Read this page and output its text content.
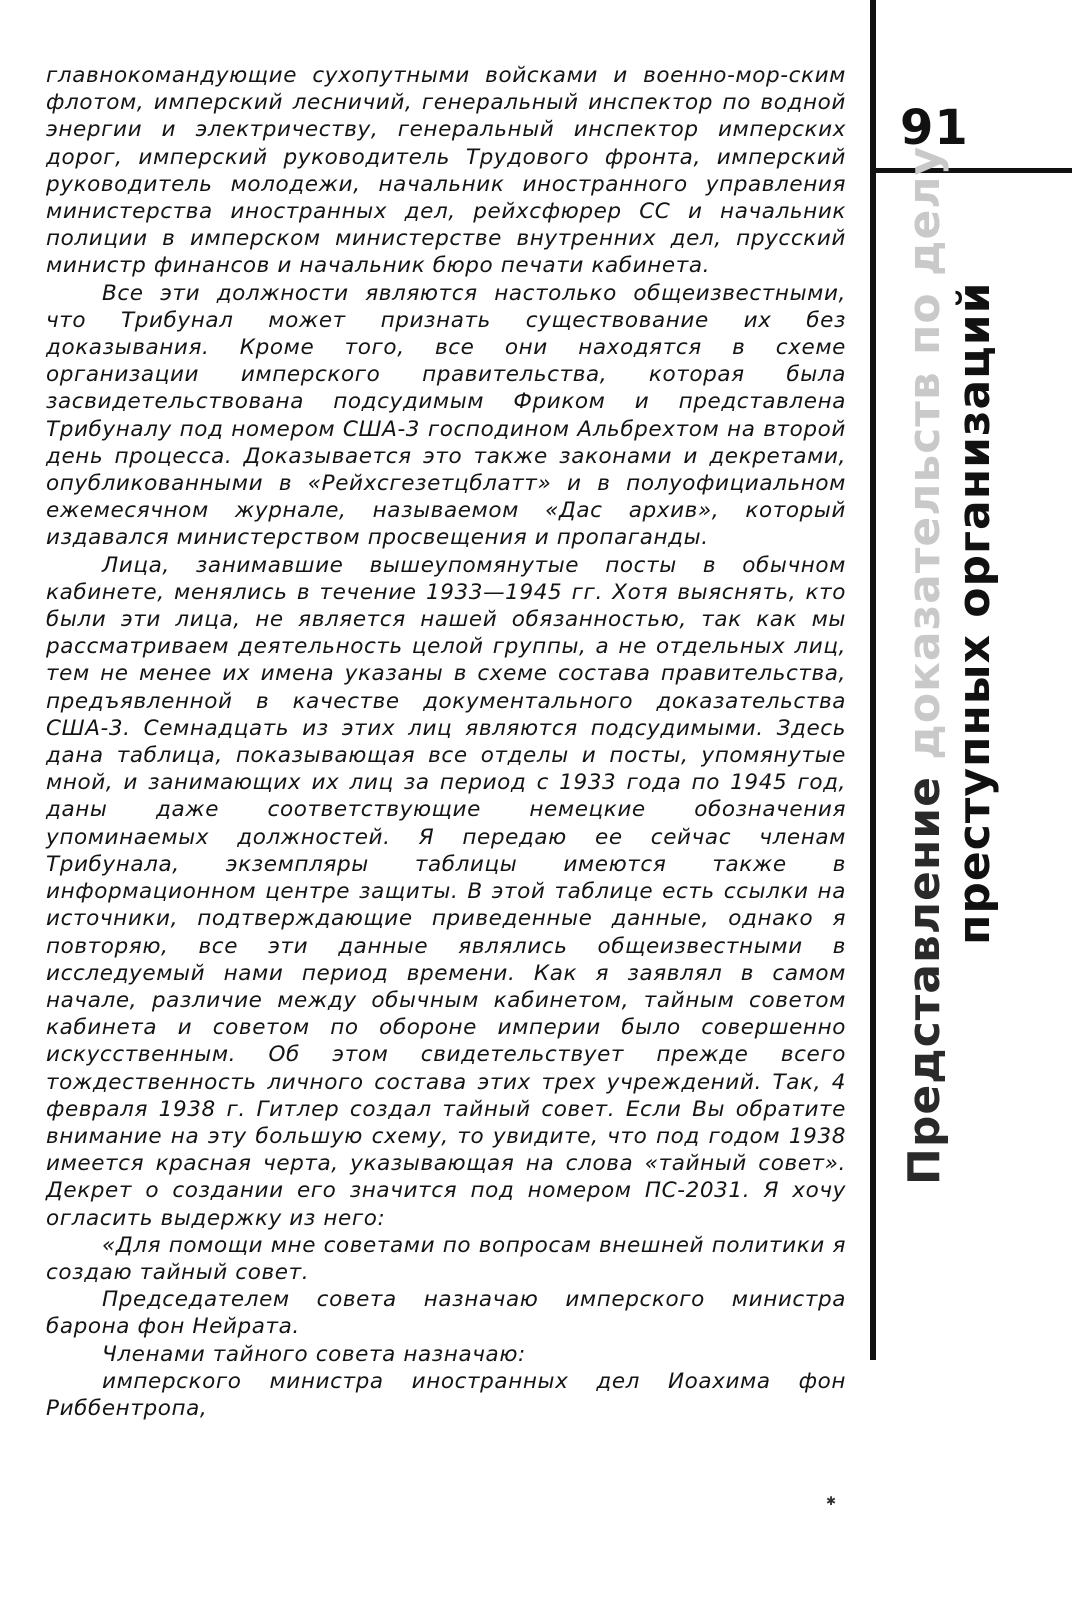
главнокомандующие сухопутными войсками и военно-мор-ским флотом, имперский лесничий, генеральный инспектор по водной энергии и электричеству, генеральный инспектор имперских дорог, имперский руководитель Трудового фронта, имперский руководитель молодежи, начальник иностранного управления министерства иностранных дел, рейхсфюрер СС и начальник полиции в имперском министерстве внутренних дел, прусский министр финансов и начальник бюро печати кабинета.

Все эти должности являются настолько общеизвестными, что Трибунал может признать существование их без доказывания. Кроме того, все они находятся в схеме организации имперского правительства, которая была засвидетельствована подсудимым Фриком и представлена Трибуналу под номером США-3 господином Альбрехтом на второй день процесса. Доказывается это также законами и декретами, опубликованными в «Рейхсгезетцблатт» и в полуофициальном ежемесячном журнале, называемом «Дас архив», который издавался министерством просвещения и пропаганды.

Лица, занимавшие вышеупомянутые посты в обычном кабинете, менялись в течение 1933—1945 гг. Хотя выяснять, кто были эти лица, не является нашей обязанностью, так как мы рассматриваем деятельность целой группы, а не отдельных лиц, тем не менее их имена указаны в схеме состава правительства, предъявленной в качестве документального доказательства США-3. Семнадцать из этих лиц являются подсудимыми. Здесь дана таблица, показывающая все отделы и посты, упомянутые мной, и занимающих их лиц за период с 1933 года по 1945 год, даны даже соответствующие немецкие обозначения упоминаемых должностей. Я передаю ее сейчас членам Трибунала, экземпляры таблицы имеются также в информационном центре защиты. В этой таблице есть ссылки на источники, подтверждающие приведенные данные, однако я повторяю, все эти данные являлись общеизвестными в исследуемый нами период времени. Как я заявлял в самом начале, различие между обычным кабинетом, тайным советом кабинета и советом по обороне империи было совершенно искусственным. Об этом свидетельствует прежде всего тождественность личного состава этих трех учреждений. Так, 4 февраля 1938 г. Гитлер создал тайный совет. Если Вы обратите внимание на эту большую схему, то увидите, что под годом 1938 имеется красная черта, указывающая на слова «тайный совет». Декрет о создании его значится под номером ПС-2031. Я хочу огласить выдержку из него:

«Для помощи мне советами по вопросам внешней политики я создаю тайный совет.

Председателем совета назначаю имперского министра барона фон Нейрата.

Членами тайного совета назначаю:

имперского министра иностранных дел Иоахима фон Риббентропа,

91
Представление доказательств по делу преступных организаций
✱
